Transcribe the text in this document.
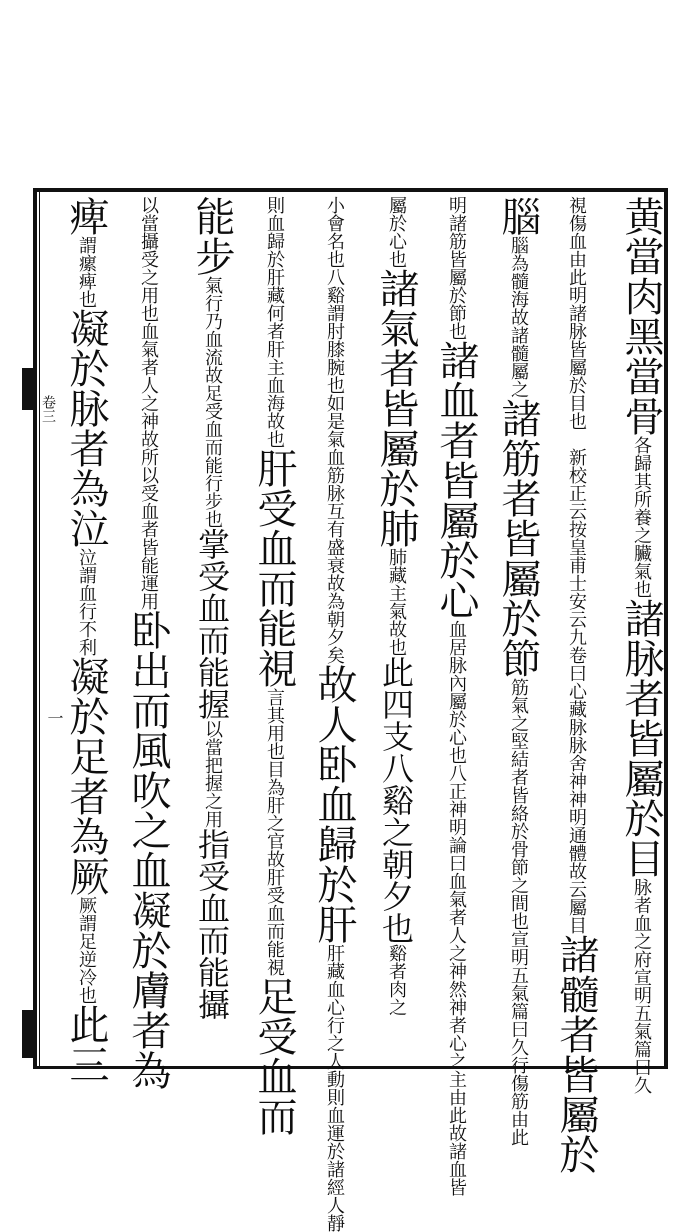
卷三
一
黄當肉黑當骨各歸其所養之臟氣也諸脉者皆屬於目脉者血之府宣明五氣篇曰久
視傷血由此明諸脉皆屬於目也　新校正云按皇甫士安云九卷曰心藏脉脉舍神神明通體故云屬目諸髓者皆屬於
腦腦為髓海故諸髓屬之諸筋者皆屬於節筋氣之堅結者皆絡於骨節之間也宣明五氣篇曰久行傷筋由此
明諸筋皆屬於節也諸血者皆屬於心血居脉內屬於心也八正神明論曰血氣者人之神然神者心之主由此故諸血皆
屬於心也諸氣者皆屬於肺肺藏主氣故也此四支八谿之朝夕也谿者肉之
小會名也八谿謂肘膝腕也如是氣血筋脉互有盛衰故為朝夕矣故人卧血歸於肝肝藏血心行之人動則血運於諸經人靜
則血歸於肝藏何者肝主血海故也肝受血而能視言其用也目為肝之官故肝受血而能視足受血而
能步氣行乃血流故足受血而能行步也掌受血而能握以當把握之用指受血而能攝
以當攝受之用也血氣者人之神故所以受血者皆能運用卧出而風吹之血凝於膚者為
痺謂瘰痺也凝於脉者為泣泣謂血行不利凝於足者為厥厥謂足逆冷也此三
